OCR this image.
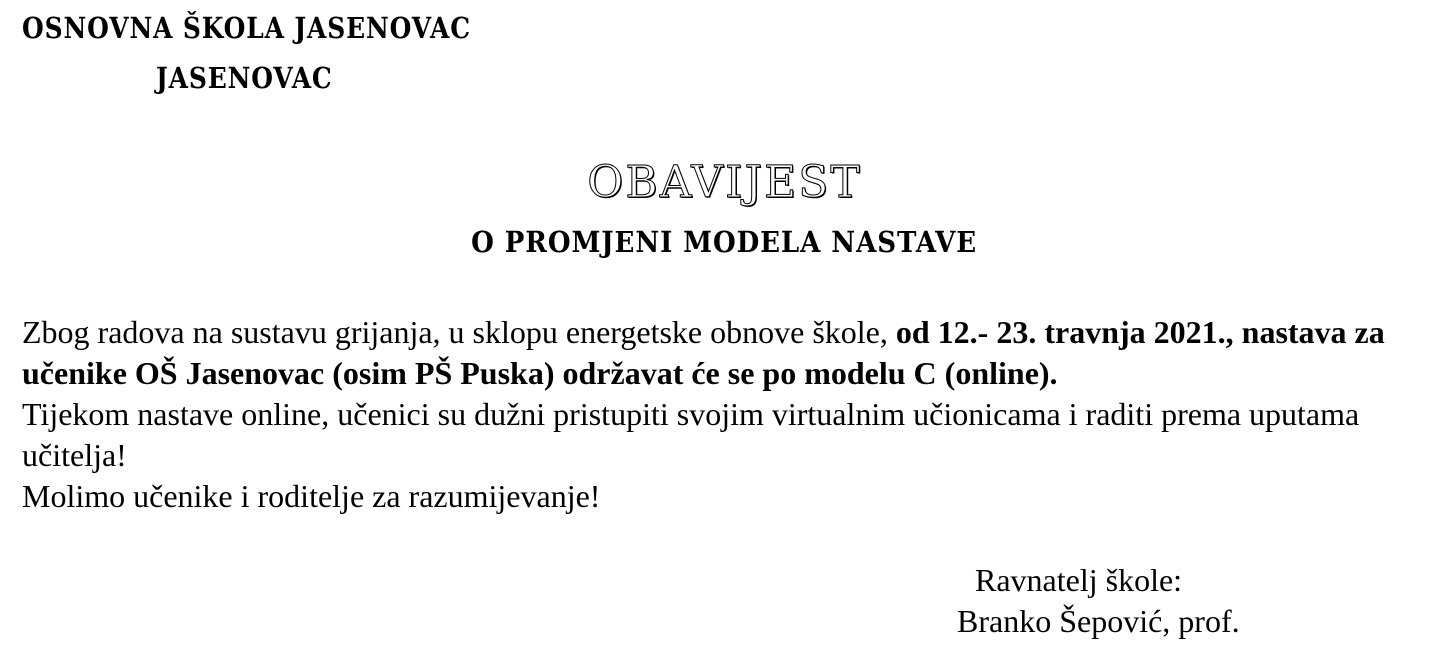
OSNOVNA ŠKOLA JASENOVAC
JASENOVAC
OBAVIJEST
O PROMJENI MODELA NASTAVE

Zbog radova na sustavu grijanja, u sklopu energetske obnove škole, od 12.- 23. travnja 2021., nastava za učenike OŠ Jasenovac (osim PŠ Puska) održavat će se po modelu C (online).

Tijekom nastave online, učenici su dužni pristupiti svojim virtualnim učionicama i raditi prema uputama učitelja!

Molimo učenike i roditelje za razumijevanje!

Ravnatelj škole:
Branko Šepović, prof.
